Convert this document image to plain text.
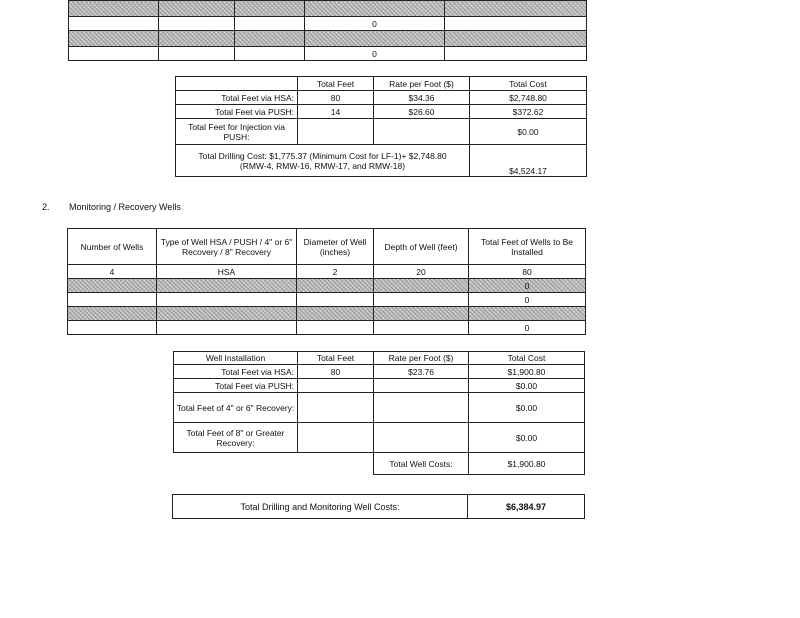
			0	

			0	
	Total Feet	Rate per Foot ($)	Total Cost
Total Feet via HSA:	80	$34.36	$2,748.80
Total Feet via PUSH:	14	$26.60	$372.62
Total Feet for Injection via PUSH:			$0.00
Total Drilling Cost: $1,775.37 (Minimum Cost for LF-1)+ $2,748.80 (RMW-4, RMW-16, RMW-17, and RMW-18)			$4,524.17
2. Monitoring / Recovery Wells
Number of Wells	Type of Well HSA / PUSH / 4" or 6" Recovery / 8" Recovery	Diameter of Well (inches)	Depth of Well (feet)	Total Feet of Wells to Be Installed
4	HSA	2	20	80
				0
				0

				0
Well Installation	Total Feet	Rate per Foot ($)	Total Cost
Total Feet via HSA:	80	$23.76	$1,900.80
Total Feet via PUSH:			$0.00
Total Feet of 4" or 6" Recovery:			$0.00
Total Feet of 8" or Greater Recovery:			$0.00
		Total Well Costs:	$1,900.80
Total Drilling and Monitoring Well Costs:	$6,384.97
